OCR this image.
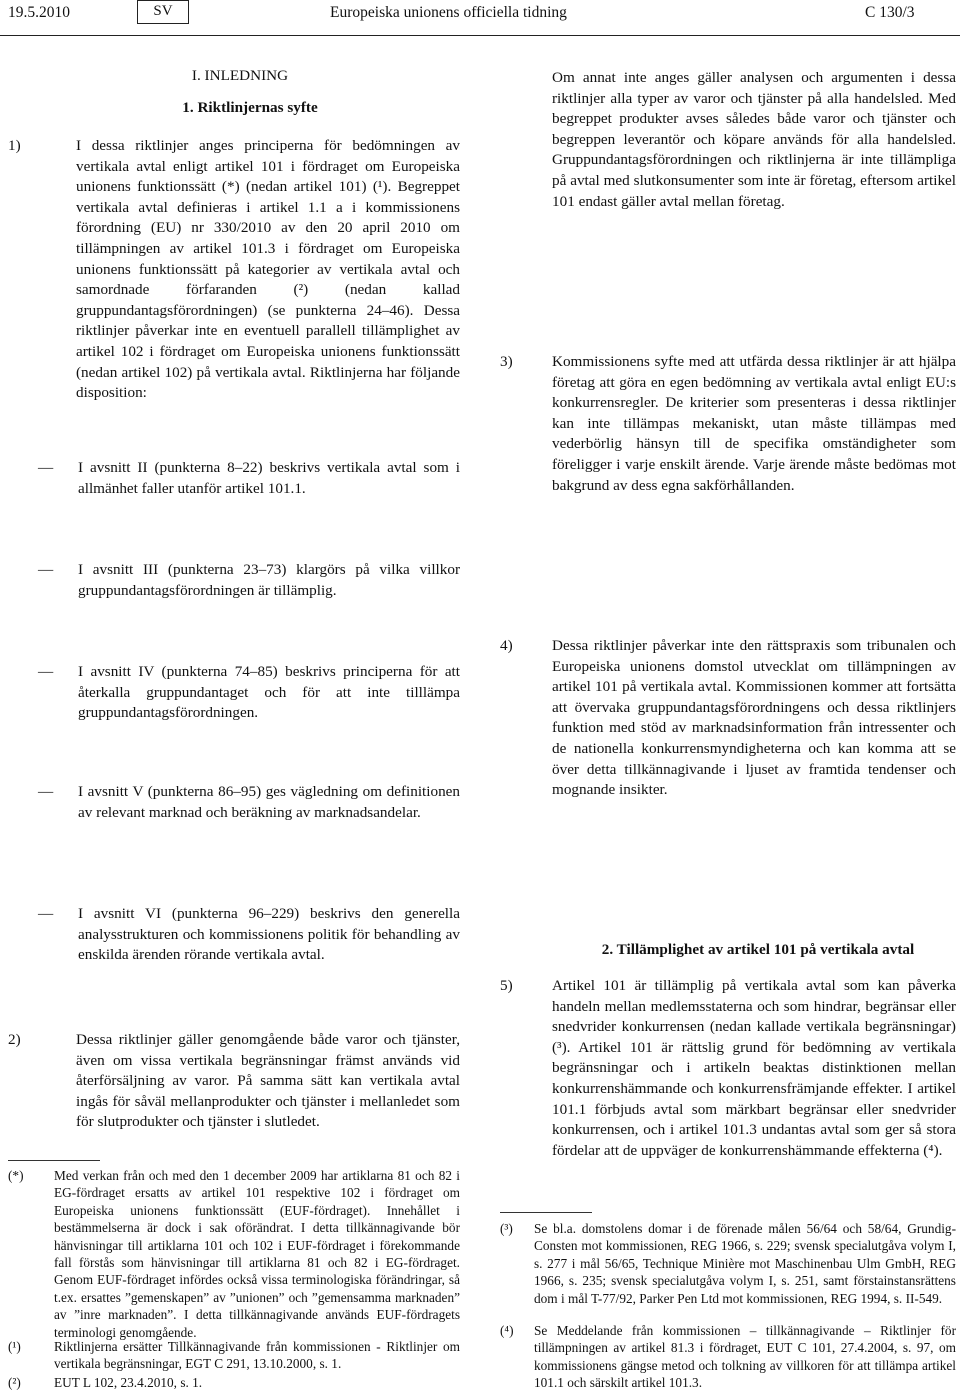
19.5.2010	SV	Europeiska unionens officiella tidning	C 130/3
I. INLEDNING
1. Riktlinjernas syfte
1)	I dessa riktlinjer anges principerna för bedömningen av vertikala avtal enligt artikel 101 i fördraget om Europeiska unionens funktionssätt (*) (nedan artikel 101) (¹). Begreppet vertikala avtal definieras i artikel 1.1 a i kommissionens förordning (EU) nr 330/2010 av den 20 april 2010 om tillämpningen av artikel 101.3 i fördraget om Europeiska unionens funktionssätt på kategorier av vertikala avtal och samordnade förfaranden (²) (nedan kallad gruppundantagsförordningen) (se punkterna 24–46). Dessa riktlinjer påverkar inte en eventuell parallell tillämplighet av artikel 102 i fördraget om Europeiska unionens funktionssätt (nedan artikel 102) på vertikala avtal. Riktlinjerna har följande disposition:
— I avsnitt II (punkterna 8–22) beskrivs vertikala avtal som i allmänhet faller utanför artikel 101.1.
— I avsnitt III (punkterna 23–73) klargörs på vilka villkor gruppundantagsförordningen är tillämplig.
— I avsnitt IV (punkterna 74–85) beskrivs principerna för att återkalla gruppundantaget och för att inte tilllämpa gruppundantagsförordningen.
— I avsnitt V (punkterna 86–95) ges vägledning om definitionen av relevant marknad och beräkning av marknadsandelar.
— I avsnitt VI (punkterna 96–229) beskrivs den generella analysstrukturen och kommissionens politik för behandling av enskilda ärenden rörande vertikala avtal.
2)	Dessa riktlinjer gäller genomgående både varor och tjänster, även om vissa vertikala begränsningar främst används vid återförsäljning av varor. På samma sätt kan vertikala avtal ingås för såväl mellanprodukter och tjänster i mellanledet som för slutprodukter och tjänster i slutledet.
(*) Med verkan från och med den 1 december 2009 har artiklarna 81 och 82 i EG-fördraget ersatts av artikel 101 respektive 102 i fördraget om Europeiska unionens funktionssätt (EUF-fördraget). Innehållet i bestämmelserna är dock i sak oförändrat. I detta tillkännagivande bör hänvisningar till artiklarna 101 och 102 i EUF-fördraget i förekommande fall förstås som hänvisningar till artiklarna 81 och 82 i EG-fördraget. Genom EUF-fördraget infördes också vissa terminologiska förändringar, så t.ex. ersattes ”gemenskapen” av ”unionen” och ”gemensamma marknaden” av ”inre marknaden”. I detta tillkännagivande används EUF-fördragets terminologi genomgående.
(¹) Riktlinjerna ersätter Tillkännagivande från kommissionen - Riktlinjer om vertikala begränsningar, EGT C 291, 13.10.2000, s. 1.
(²) EUT L 102, 23.4.2010, s. 1.
Om annat inte anges gäller analysen och argumenten i dessa riktlinjer alla typer av varor och tjänster på alla handelsled. Med begreppet produkter avses således både varor och tjänster och begreppen leverantör och köpare används för alla handelsled. Gruppundantagsförordningen och riktlinjerna är inte tillämpliga på avtal med slutkonsumenter som inte är företag, eftersom artikel 101 endast gäller avtal mellan företag.
3)	Kommissionens syfte med att utfärda dessa riktlinjer är att hjälpa företag att göra en egen bedömning av vertikala avtal enligt EU:s konkurrensregler. De kriterier som presenteras i dessa riktlinjer kan inte tillämpas mekaniskt, utan måste tillämpas med vederbörlig hänsyn till de specifika omständigheter som föreligger i varje enskilt ärende. Varje ärende måste bedömas mot bakgrund av dess egna sakförhållanden.
4)	Dessa riktlinjer påverkar inte den rättspraxis som tribunalen och Europeiska unionens domstol utvecklat om tillämpningen av artikel 101 på vertikala avtal. Kommissionen kommer att fortsätta att övervaka gruppundantagsförordningens och dessa riktlinjers funktion med stöd av marknadsinformation från intressenter och de nationella konkurrensmyndigheterna och kan komma att se över detta tillkännagivande i ljuset av framtida tendenser och mognande insikter.
2. Tillämplighet av artikel 101 på vertikala avtal
5)	Artikel 101 är tillämplig på vertikala avtal som kan påverka handeln mellan medlemsstaterna och som hindrar, begränsar eller snedvrider konkurrensen (nedan kallade vertikala begränsningar) (³). Artikel 101 är rättslig grund för bedömning av vertikala begränsningar och i artikeln beaktas distinktionen mellan konkurrenshämmande och konkurrensfrämjande effekter. I artikel 101.1 förbjuds avtal som märkbart begränsar eller snedvrider konkurrensen, och i artikel 101.3 undantas avtal som ger så stora fördelar att de uppväger de konkurrenshämmande effekterna (⁴).
(³) Se bl.a. domstolens domar i de förenade målen 56/64 och 58/64, Grundig-Consten mot kommissionen, REG 1966, s. 229; svensk specialutgåva volym I, s. 277 i mål 56/65, Technique Minière mot Maschinenbau Ulm GmbH, REG 1966, s. 235; svensk specialutgåva volym I, s. 251, samt förstainstansrättens dom i mål T-77/92, Parker Pen Ltd mot kommissionen, REG 1994, s. II-549.
(⁴) Se Meddelande från kommissionen – tillkännagivande – Riktlinjer för tillämpningen av artikel 81.3 i fördraget, EUT C 101, 27.4.2004, s. 97, om kommissionens gängse metod och tolkning av villkoren för att tillämpa artikel 101.1 och särskilt artikel 101.3.
